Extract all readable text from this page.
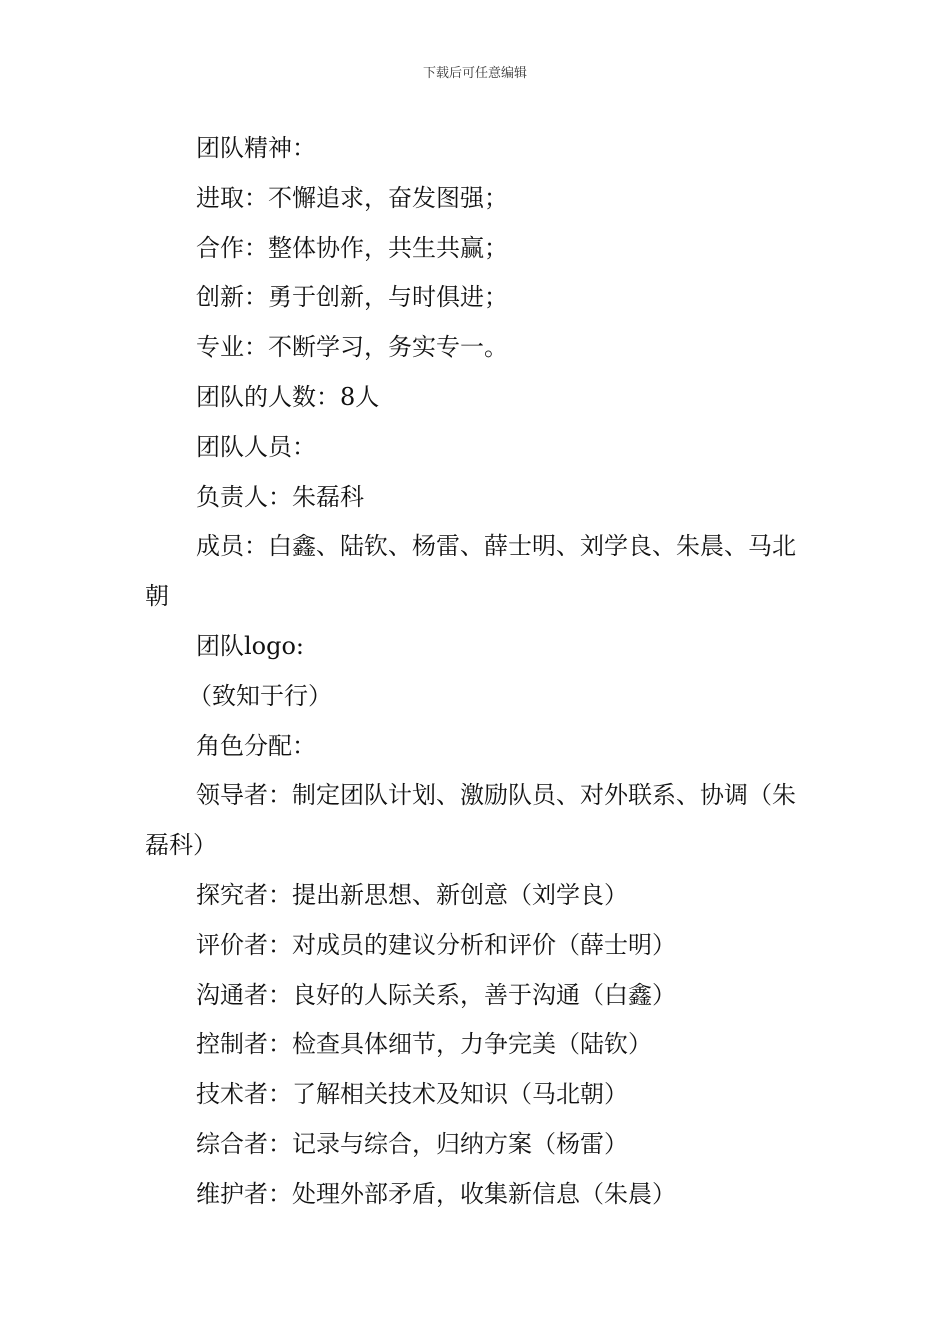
下载后可任意编辑

团队精神：

进取：不懈追求，奋发图强；

合作：整体协作，共生共赢；

创新：勇于创新，与时俱进；

专业：不断学习，务实专一。

团队的人数：8人

团队人员：

负责人：朱磊科

成员：白鑫、陆钦、杨雷、薛士明、刘学良、朱晨、马北朝

团队logo:

（致知于行）

角色分配：

领导者：制定团队计划、激励队员、对外联系、协调（朱磊科）

探究者：提出新思想、新创意（刘学良）

评价者：对成员的建议分析和评价（薛士明）

沟通者：良好的人际关系，善于沟通（白鑫）

控制者：检查具体细节，力争完美（陆钦）

技术者：了解相关技术及知识（马北朝）

综合者：记录与综合，归纳方案（杨雷）

维护者：处理外部矛盾，收集新信息（朱晨）
